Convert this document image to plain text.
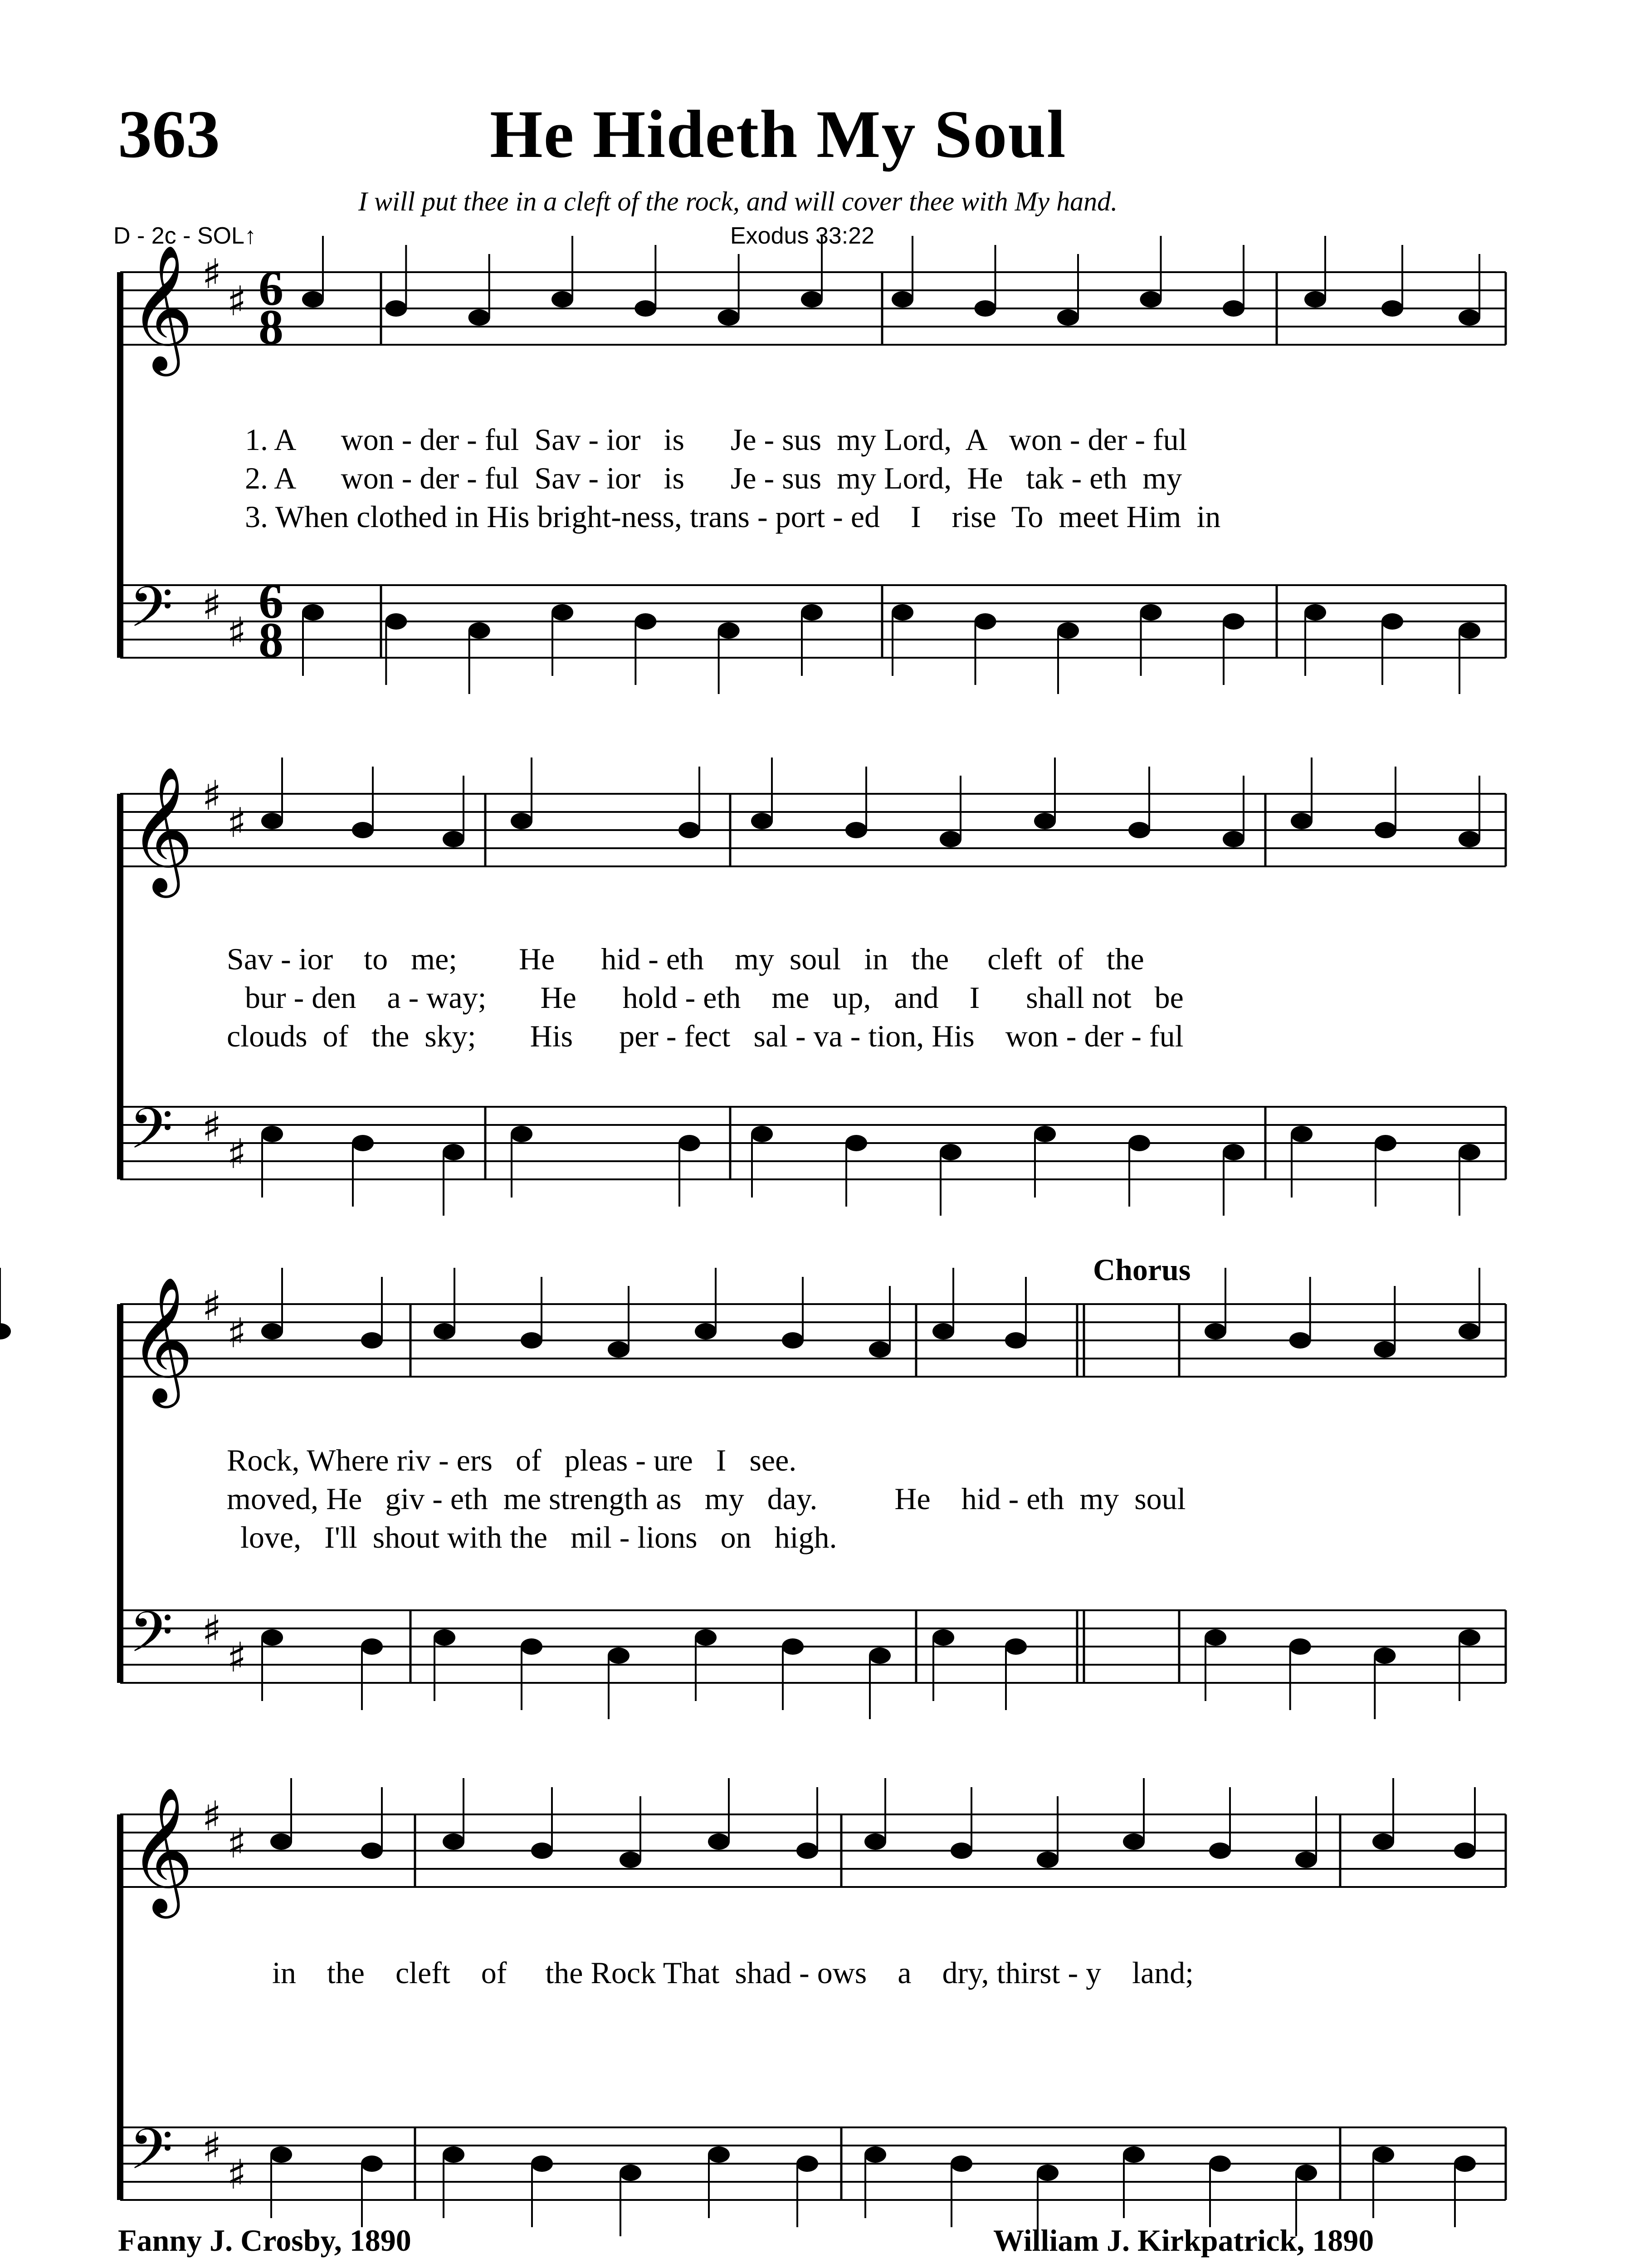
363	He Hideth My Soul
I will put thee in a cleft of the rock, and will cover thee with My hand.
Exodus 33:22
D - 2c - SOL↑
Chorus
𝄞 ♯
♯ 6
8
𝄢 ♯
♯
6
8
𝄞 ♯
♯
𝄢 ♯
♯
𝄞 ♯
♯
𝄢 ♯
♯
𝄞 ♯
♯
𝄢 ♯
♯
1. A      won - der - ful  Sav - ior   is      Je - sus  my Lord,  A   won - der - ful
2. A      won - der - ful  Sav - ior   is      Je - sus  my Lord,  He   tak - eth  my
3. When clothed in His bright-ness, trans - port - ed    I    rise  To  meet Him  in
Sav - ior    to   me;        He      hid - eth    my  soul   in   the     cleft  of   the
bur - den    a - way;       He      hold - eth    me   up,   and    I      shall not   be
clouds  of   the  sky;       His      per - fect   sal - va - tion, His    won - der - ful
Rock, Where riv - ers   of   pleas - ure   I   see.
moved, He   giv - eth  me strength as   my   day.          He    hid - eth  my  soul
love,   I'll  shout with the   mil - lions   on   high.
in    the    cleft    of     the Rock That  shad - ows    a    dry, thirst - y    land;
Fanny J. Crosby, 1890	William J. Kirkpatrick, 1890
